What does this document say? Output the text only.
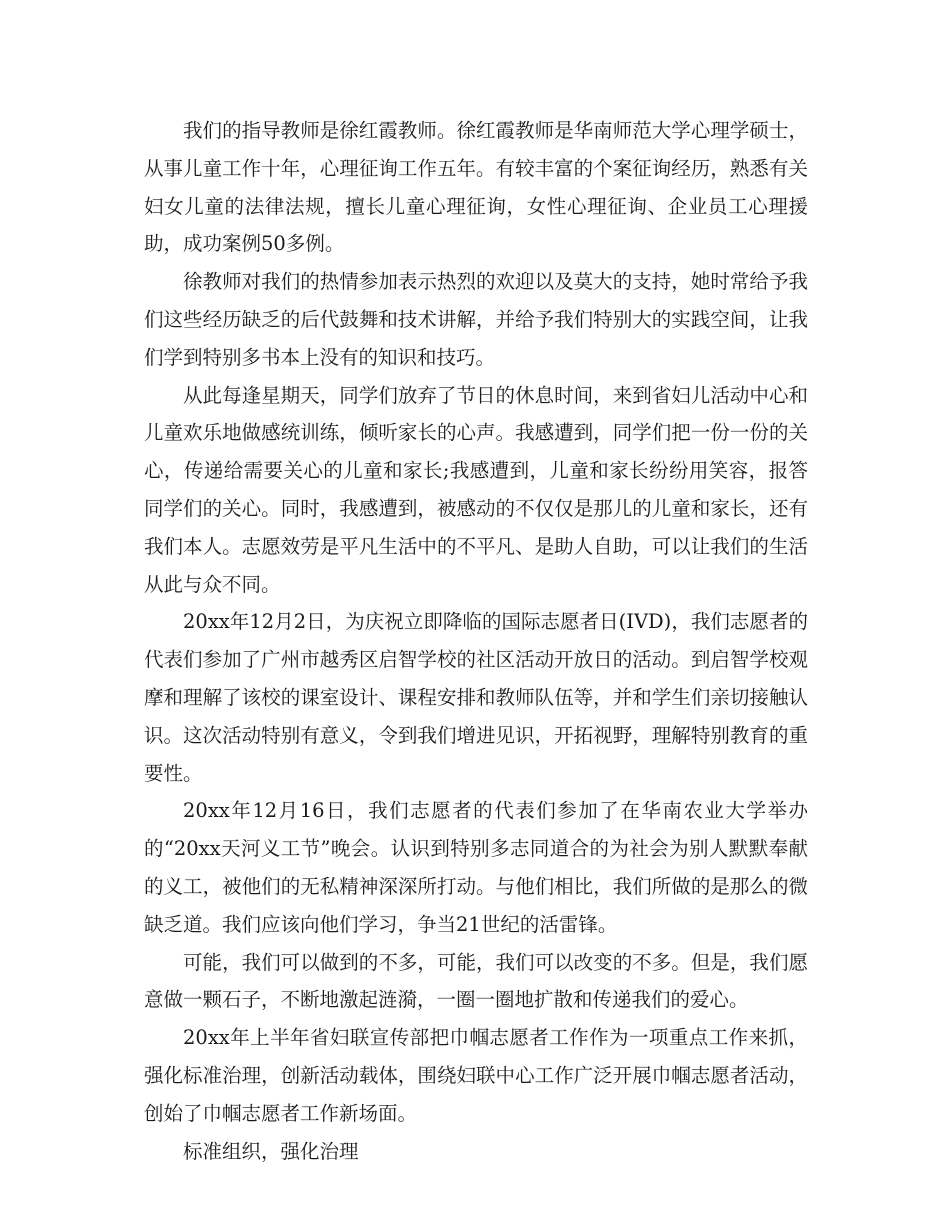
我们的指导教师是徐红霞教师。徐红霞教师是华南师范大学心理学硕士，从事儿童工作十年，心理征询工作五年。有较丰富的个案征询经历，熟悉有关妇女儿童的法律法规，擅长儿童心理征询，女性心理征询、企业员工心理援助，成功案例50多例。

徐教师对我们的热情参加表示热烈的欢迎以及莫大的支持，她时常给予我们这些经历缺乏的后代鼓舞和技术讲解，并给予我们特别大的实践空间，让我们学到特别多书本上没有的知识和技巧。

从此每逢星期天，同学们放弃了节日的休息时间，来到省妇儿活动中心和儿童欢乐地做感统训练，倾听家长的心声。我感遭到，同学们把一份一份的关心，传递给需要关心的儿童和家长;我感遭到，儿童和家长纷纷用笑容，报答同学们的关心。同时，我感遭到，被感动的不仅仅是那儿的儿童和家长，还有我们本人。志愿效劳是平凡生活中的不平凡、是助人自助，可以让我们的生活从此与众不同。

20xx年12月2日，为庆祝立即降临的国际志愿者日(IVD)，我们志愿者的代表们参加了广州市越秀区启智学校的社区活动开放日的活动。到启智学校观摩和理解了该校的课室设计、课程安排和教师队伍等，并和学生们亲切接触认识。这次活动特别有意义，令到我们增进见识，开拓视野，理解特别教育的重要性。

20xx年12月16日，我们志愿者的代表们参加了在华南农业大学举办的“20xx天河义工节”晚会。认识到特别多志同道合的为社会为别人默默奉献的义工，被他们的无私精神深深所打动。与他们相比，我们所做的是那么的微缺乏道。我们应该向他们学习，争当21世纪的活雷锋。

可能，我们可以做到的不多，可能，我们可以改变的不多。但是，我们愿意做一颗石子，不断地激起涟漪，一圈一圈地扩散和传递我们的爱心。

20xx年上半年省妇联宣传部把巾帼志愿者工作作为一项重点工作来抓，强化标准治理，创新活动载体，围绕妇联中心工作广泛开展巾帼志愿者活动，创始了巾帼志愿者工作新场面。

标准组织，强化治理
